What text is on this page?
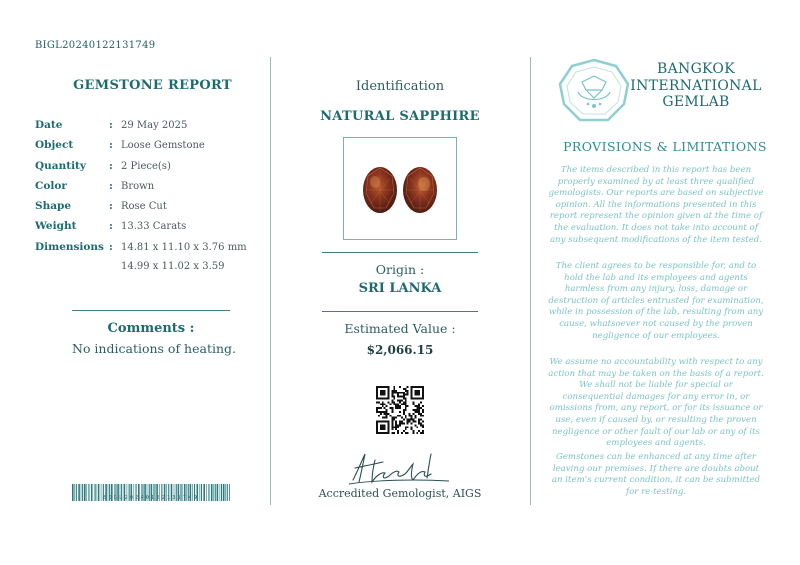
BIGL20240122131749
GEMSTONE REPORT
Date	: 29 May 2025
Object	: Loose Gemstone
Quantity	: 2 Piece(s)
Color	: Brown
Shape	: Rose Cut
Weight	: 13.33 Carats
Dimensions : 14.81 x 11.10 x 3.76 mm
14.99 x 11.02 x 3.59
Comments :
No indications of heating.
BIGL20240122131749
Identification
NATURAL SAPPHIRE
Origin :
SRI LANKA
Estimated Value :
$2,066.15
Accredited Gemologist, AIGS
BANGKOK
INTERNATIONAL
GEMLAB
PROVISIONS & LIMITATIONS
The items described in this report has been properly examined by at least three qualified gemologists. Our reports are based on subjective opinion. All the informations presented in this report represent the opinion given at the time of the evaluation. It does not take into account of any subsequent modifications of the item tested.
The client agrees to be responsible for, and to hold the lab and its employees and agents harmless from any injury, loss, damage or destruction of articles entrusted for examination, while in possession of the lab, resulting from any cause, whatsoever not caused by the proven negligence of our employees.
We assume no accountability with respect to any action that may be taken on the basis of a report. We shall not be liable for special or consequential damages for any error in, or omissions from, any report, or for its issuance or use, even if caused by, or resulting the proven negligence or other fault of our lab or any of its employees and agents.
Gemstones can be enhanced at any time after leaving our premises. If there are doubts about an item's current condition, it can be submitted for re-testing.
